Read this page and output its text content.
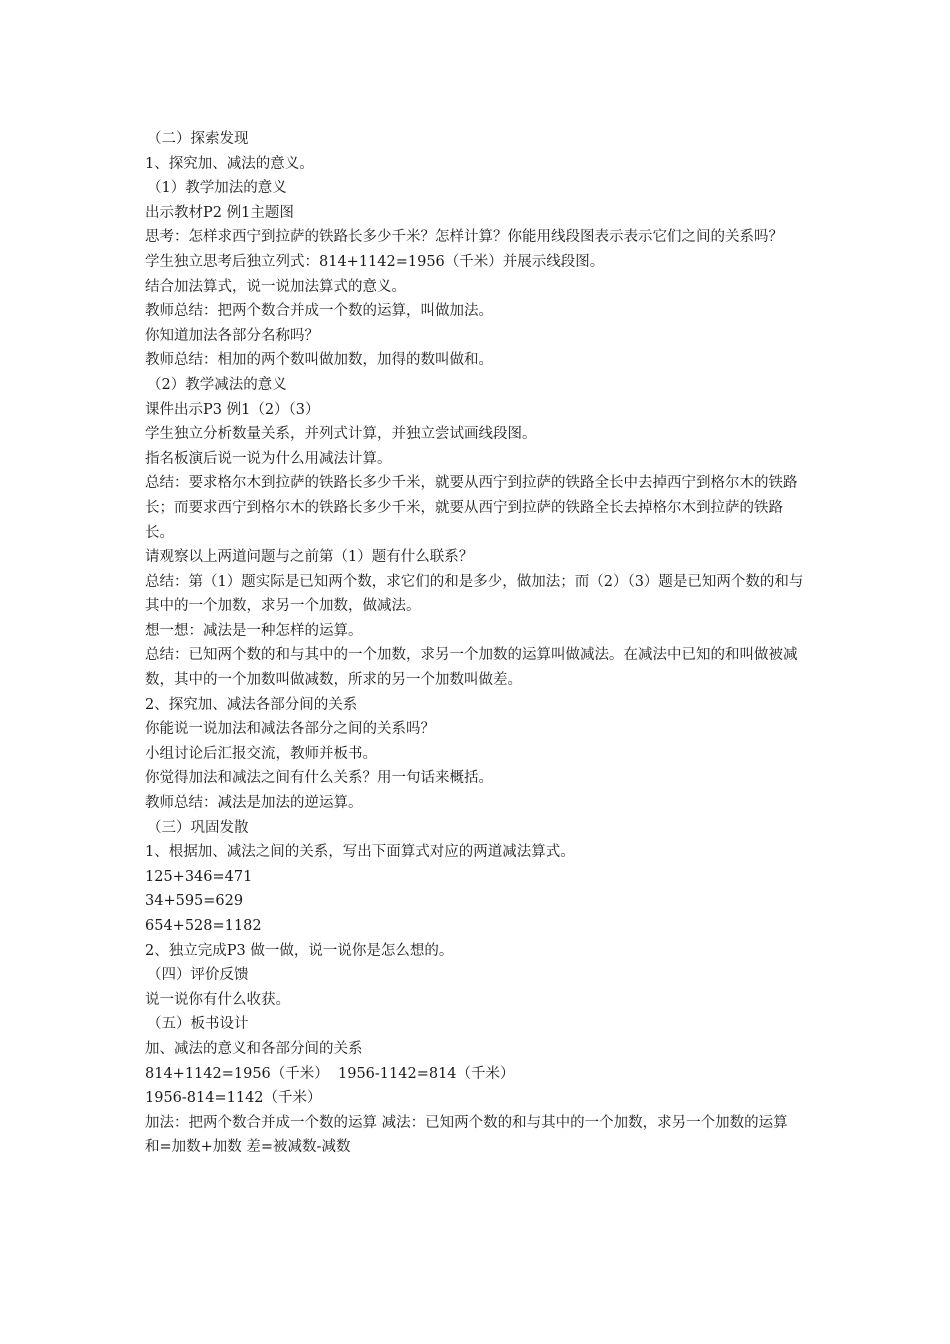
（二）探索发现

1、探究加、减法的意义。

（1）教学加法的意义

出示教材P2 例1主题图

思考：怎样求西宁到拉萨的铁路长多少千米？怎样计算？你能用线段图表示表示它们之间的关系吗？

学生独立思考后独立列式：814+1142=1956（千米）并展示线段图。

结合加法算式，说一说加法算式的意义。

教师总结：把两个数合并成一个数的运算，叫做加法。

你知道加法各部分名称吗？

教师总结：相加的两个数叫做加数，加得的数叫做和。

（2）教学减法的意义

课件出示P3 例1（2）（3）

学生独立分析数量关系，并列式计算，并独立尝试画线段图。

指名板演后说一说为什么用减法计算。

总结：要求格尔木到拉萨的铁路长多少千米，就要从西宁到拉萨的铁路全长中去掉西宁到格尔木的铁路长；而要求西宁到格尔木的铁路长多少千米，就要从西宁到拉萨的铁路全长去掉格尔木到拉萨的铁路长。

请观察以上两道问题与之前第（1）题有什么联系？

总结：第（1）题实际是已知两个数，求它们的和是多少，做加法；而（2）（3）题是已知两个数的和与其中的一个加数，求另一个加数，做减法。

想一想：减法是一种怎样的运算。

总结：已知两个数的和与其中的一个加数，求另一个加数的运算叫做减法。在减法中已知的和叫做被减数，其中的一个加数叫做减数，所求的另一个加数叫做差。

2、探究加、减法各部分间的关系

你能说一说加法和减法各部分之间的关系吗？

小组讨论后汇报交流，教师并板书。

你觉得加法和减法之间有什么关系？用一句话来概括。

教师总结：减法是加法的逆运算。

（三）巩固发散

1、根据加、减法之间的关系，写出下面算式对应的两道减法算式。

125+346=471

34+595=629

654+528=1182

2、独立完成P3 做一做，说一说你是怎么想的。

（四）评价反馈

说一说你有什么收获。

（五）板书设计

加、减法的意义和各部分间的关系

814+1142=1956（千米）  1956-1142=814（千米）

1956-814=1142（千米）

加法：把两个数合并成一个数的运算 减法：已知两个数的和与其中的一个加数，求另一个加数的运算

和=加数+加数 差=被减数-减数
